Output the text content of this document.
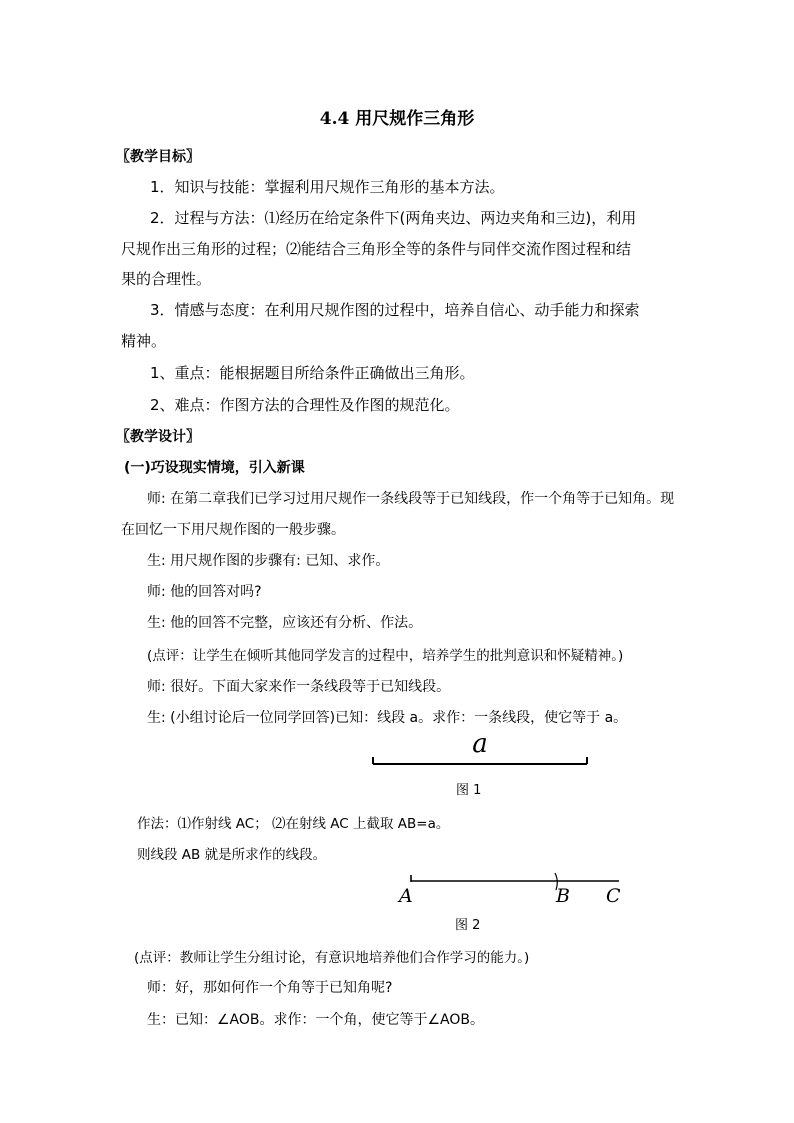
4.4 用尺规作三角形
〖教学目标〗
1．知识与技能：掌握利用尺规作三角形的基本方法。
2．过程与方法：⑴经历在给定条件下(两角夹边、两边夹角和三边)，利用
尺规作出三角形的过程；⑵能结合三角形全等的条件与同伴交流作图过程和结
果的合理性。
3．情感与态度：在利用尺规作图的过程中，培养自信心、动手能力和探索
精神。
1、重点：能根据题目所给条件正确做出三角形。
2、难点：作图方法的合理性及作图的规范化。
〖教学设计〗
(一)巧设现实情境，引入新课
师: 在第二章我们已学习过用尺规作一条线段等于已知线段，作一个角等于已知角。现
在回忆一下用尺规作图的一般步骤。
生: 用尺规作图的步骤有: 已知、求作。
师: 他的回答对吗?
生: 他的回答不完整，应该还有分析、作法。
(点评：让学生在倾听其他同学发言的过程中，培养学生的批判意识和怀疑精神。)
师: 很好。下面大家来作一条线段等于已知线段。
生: (小组讨论后一位同学回答)已知：线段 a。求作：一条线段，使它等于 a。
a
图 1
作法：⑴作射线 AC； ⑵在射线 AC 上截取 AB=a。
则线段 AB 就是所求作的线段。
A	B C
图 2
(点评：教师让学生分组讨论，有意识地培养他们合作学习的能力。)
师：好，那如何作一个角等于已知角呢?
生：已知：∠AOB。求作：一个角，使它等于∠AOB。
